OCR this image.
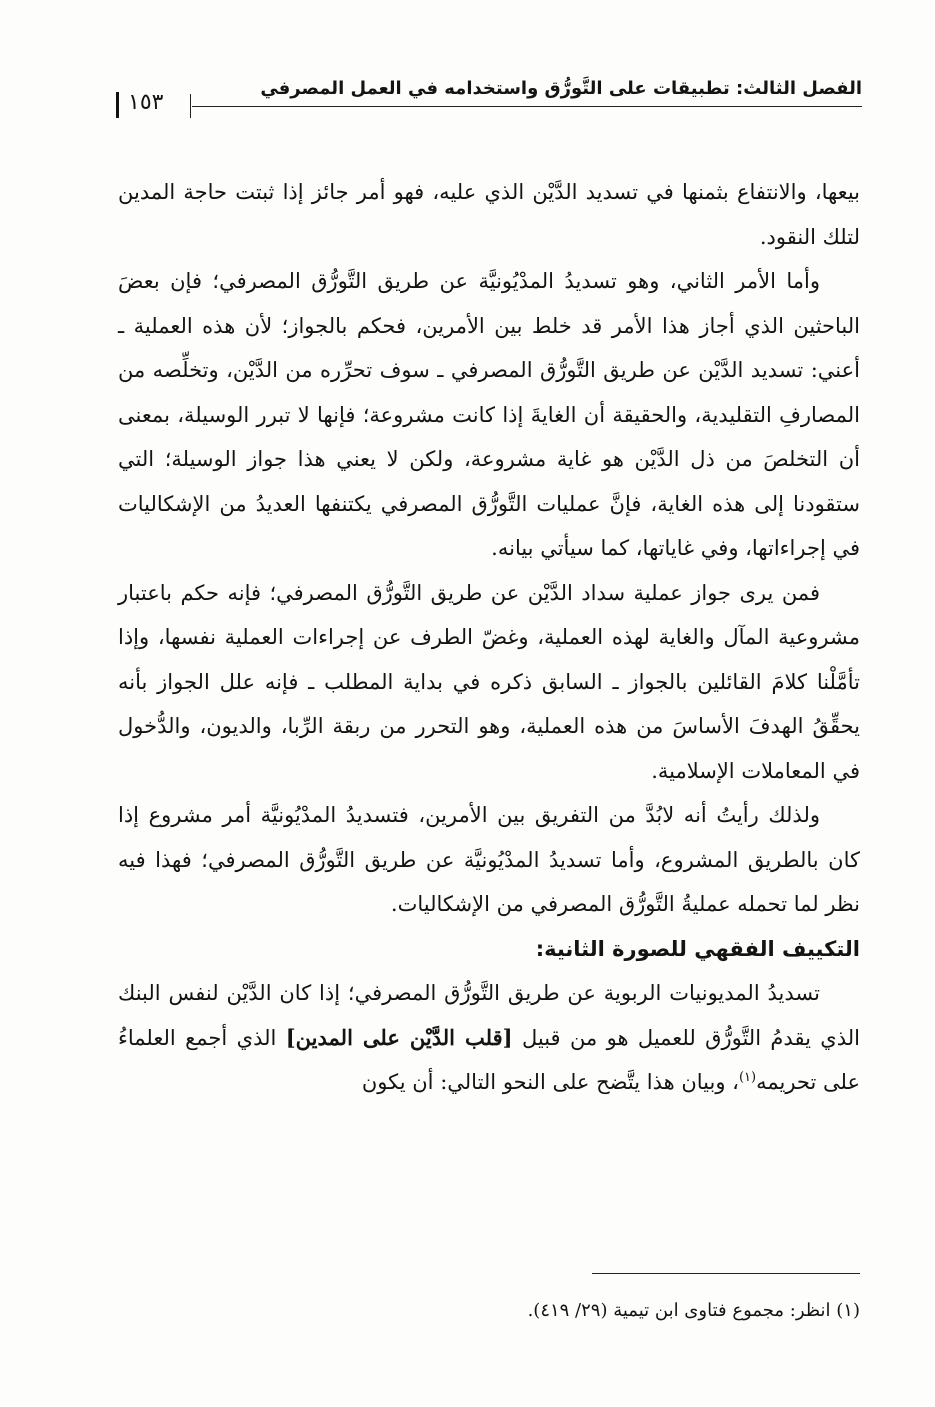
الفصل الثالث: تطبيقات على التَّورُّق واستخدامه في العمل المصرفي
١٥٣

بيعها، والانتفاع بثمنها في تسديد الدَّيْن الذي عليه، فهو أمر جائز إذا ثبتت حاجة المدين لتلك النقود.

وأما الأمر الثاني، وهو تسديدُ المدْيُونيَّة عن طريق التَّورُّق المصرفي؛ فإن بعضَ الباحثين الذي أجاز هذا الأمر قد خلط بين الأمرين، فحكم بالجواز؛ لأن هذه العملية ـ أعني: تسديد الدَّيْن عن طريق التَّورُّق المصرفي ـ سوف تحرِّره من الدَّيْن، وتخلِّصه من المصارفِ التقليدية، والحقيقة أن الغايةَ إذا كانت مشروعة؛ فإنها لا تبرر الوسيلة، بمعنى أن التخلصَ من ذل الدَّيْن هو غاية مشروعة، ولكن لا يعني هذا جواز الوسيلة؛ التي ستقودنا إلى هذه الغاية، فإنَّ عمليات التَّورُّق المصرفي يكتنفها العديدُ من الإشكاليات في إجراءاتها، وفي غاياتها، كما سيأتي بيانه.

فمن يرى جواز عملية سداد الدَّيْن عن طريق التَّورُّق المصرفي؛ فإنه حكم باعتبار مشروعية المآل والغاية لهذه العملية، وغضّ الطرف عن إجراءات العملية نفسها، وإذا تأمَّلْنا كلامَ القائلين بالجواز ـ السابق ذكره في بداية المطلب ـ فإنه علل الجواز بأنه يحقِّقُ الهدفَ الأساسَ من هذه العملية، وهو التحرر من ربقة الرِّبا، والديون، والدُّخول في المعاملات الإسلامية.

ولذلك رأيتُ أنه لابُدَّ من التفريق بين الأمرين، فتسديدُ المدْيُونيَّة أمر مشروع إذا كان بالطريق المشروع، وأما تسديدُ المدْيُونيَّة عن طريق التَّورُّق المصرفي؛ فهذا فيه نظر لما تحمله عمليةُ التَّورُّق المصرفي من الإشكاليات.

التكييف الفقهي للصورة الثانية:

تسديدُ المديونيات الربوية عن طريق التَّورُّق المصرفي؛ إذا كان الدَّيْن لنفس البنك الذي يقدمُ التَّورُّق للعميل هو من قبيل [قلب الدَّيْن على المدين] الذي أجمع العلماءُ على تحريمه$^{(١)}$، وبيان هذا يتَّضح على النحو التالي: أن يكون

(١) انظر: مجموع فتاوى ابن تيمية (٢٩/ ٤١٩).
